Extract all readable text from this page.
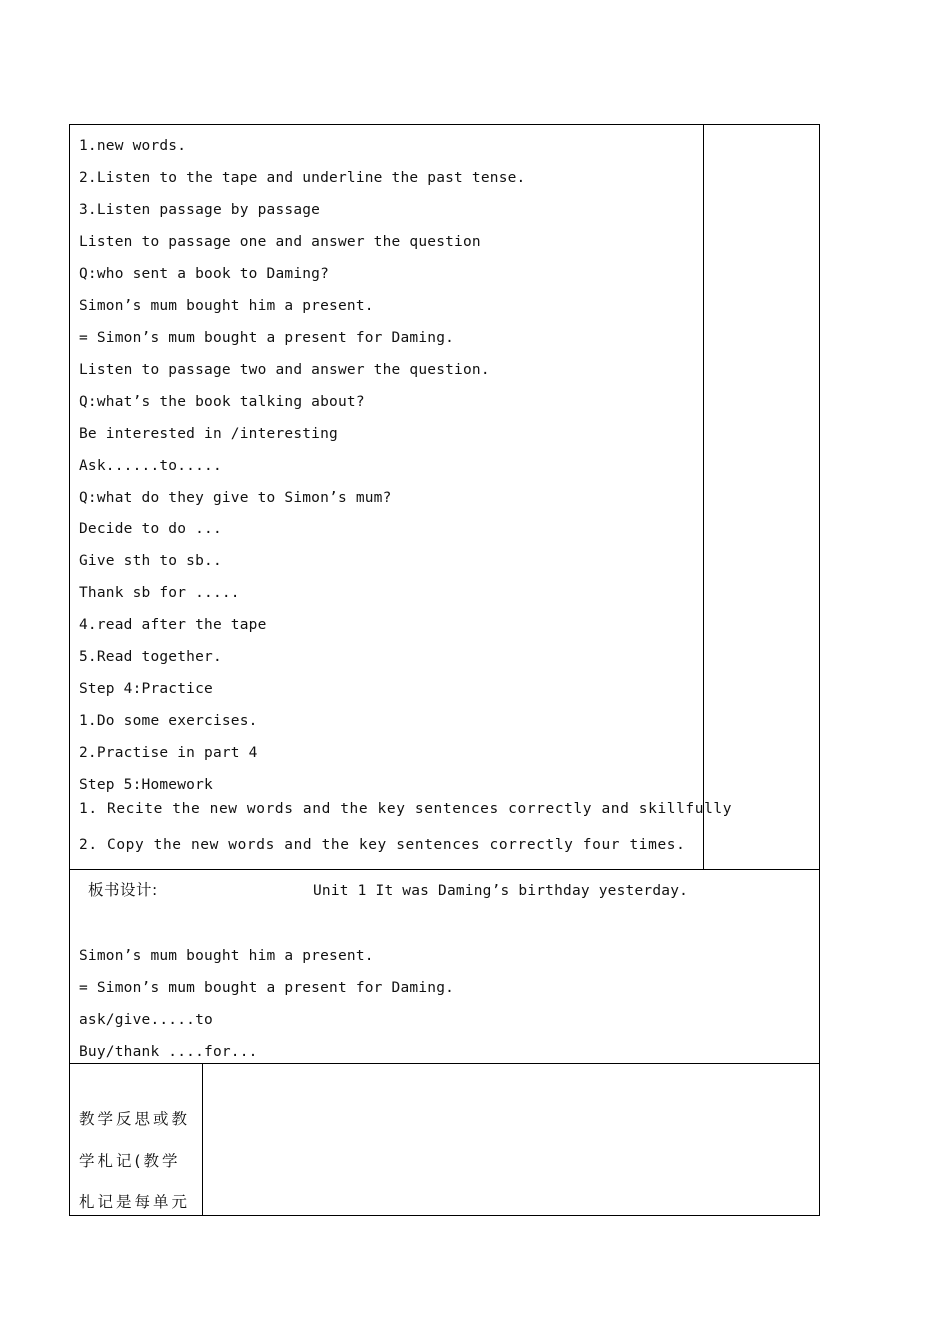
1.new words.
2.Listen to the tape and underline the past tense.
3.Listen passage by passage
Listen to passage one and answer the question
Q:who sent a book to Daming?
Simon’s mum bought him a present.
= Simon’s mum bought a present for Daming.
Listen to passage two and answer the question.
Q:what’s the book talking about?
Be interested in /interesting
Ask......to.....
Q:what do they give to Simon’s mum?
Decide to do ...
Give sth to sb..
Thank sb for .....
4.read after the tape
5.Read together.
Step 4:Practice
1.Do some exercises.
2.Practise in part 4
Step 5:Homework
1. Recite the new words and the key sentences correctly and skillfully
2. Copy the new words and the key sentences correctly four times.
板书设计:	Unit 1 It was Daming’s birthday yesterday.
Simon’s mum bought him a present.
= Simon’s mum bought a present for Daming.
ask/give.....to
Buy/thank ....for...
教学反思或教
学札记(教学
札记是每单元
